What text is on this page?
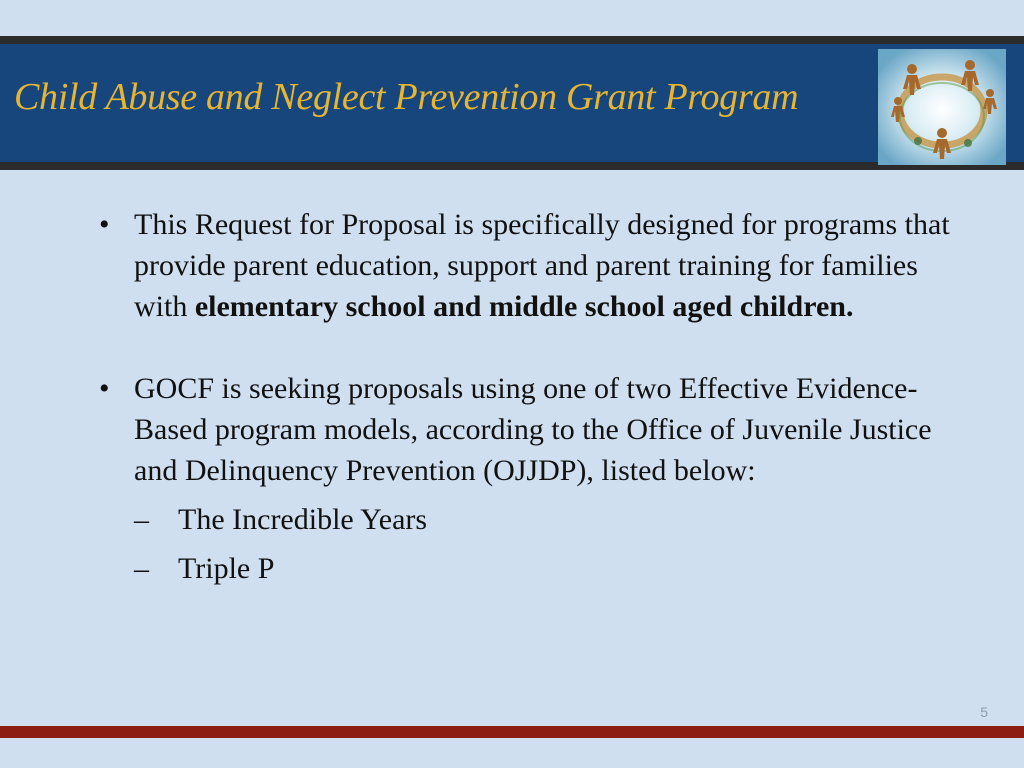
Child Abuse and Neglect Prevention Grant Program
• This Request for Proposal is specifically designed for programs that provide parent education, support and parent training for families with elementary school and middle school aged children.
• GOCF is seeking proposals using one of two Effective Evidence-Based program models, according to the Office of Juvenile Justice and Delinquency Prevention (OJJDP), listed below:
– The Incredible Years
– Triple P
5
